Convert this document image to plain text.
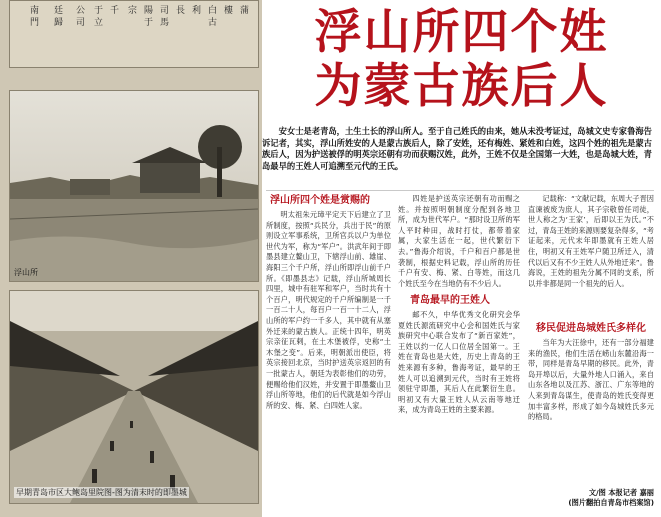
南門
廷歸
公司
于立
千 宗 陽于
司馬
長 利 白古
樓 蒲
浮山所
早期青岛市区大鲍岛里院图-图为清末时的即墨城
浮山所四个姓
为蒙古族后人
安女士是老青岛，土生土长的浮山所人。至于自己姓氏的由来，她从未没考证过，岛城文史专家鲁海告诉记者，其实，浮山所姓安的人是蒙古族后人，除了安姓，还有梅姓、紧姓和白姓，这四个姓的祖先是蒙古族后人，因为护送被俘的明英宗还朝有功而获赐汉姓，此外，王姓不仅是全国第一大姓，也是岛城大姓，青岛最早的王姓人可追溯至元代的王氏。
浮山所四个姓是赏赐的

明太祖朱元璋平定天下后建立了卫所制度，按照“兵民分，兵出于民”的原则设立军事系统，卫所官兵以户为单位世代为军，称为“军户”。洪武年间于即墨县建立鳌山卫，下辖浮山前、雄崖、海阳三个千户所，浮山所即浮山前千户所。《即墨县志》记载，浮山所城周长四里，城中有驻军和军户，当时共有十个百户，明代规定的千户所编制是一千一百二十人，每百户一百一十二人，浮山所的军户约一千多人，其中就有从塞外迁来的蒙古族人。正统十四年，明英宗亲征瓦剌，在土木堡被俘，史称“土木堡之变”。后来，明朝派出使臣，将英宗接回北京，当时护送英宗返回的有一批蒙古人，朝廷为表彰他们的功劳，便赐给他们汉姓，并安置于即墨鳌山卫浮山所等地，他们的后代就是如今浮山所的安、梅、紧、白四姓人家。

四姓是护送英宗还朝有功而赐之姓。并按照明朝制度分配到各地卫所，成为世代军户。“那时设卫所的军人平时种田，战时打仗，都带着家属，大家生活在一起，世代繁衍下去。”鲁海介绍说，千户和百户都是世袭制，根据史料记载，浮山所的历任千户有安、梅、紧、白等姓，而这几个姓氏至今在当地仍有不少后人。

青岛最早的王姓人

邮不久，中华优秀文化研究会华夏姓氏源流研究中心会和国姓氏与家族研究中心联合发布了“新百家姓”，王姓以约一亿人口位居全国第一。王姓在青岛也是大姓，历史上青岛的王姓来源有多种，鲁海考证，最早的王姓人可以追溯到元代，当时有王姓将领驻守即墨，其后人在此繁衍生息。明初又有大量王姓人从云南等地迁来，成为青岛王姓的主要来源。

记载称：“文献记载，东周大子晋因直谏被废为庶人，其子宗敬曾任司徒，世人称之为‘王家’，后即以王为氏。”不过，青岛王姓的来源则要复杂得多，“考证起来，元代末年即墨就有王姓人居住，明初又有王姓军户随卫所迁入，清代以后又有不少王姓人从外地迁来”。鲁海说，王姓的祖先分属不同的支系，所以并非都是同一个祖先的后人。

移民促进岛城姓氏多样化

当年为大汪徐中，还有一部分福建来的渔民，他们生活在崂山东麓沿海一带，同样是青岛早期的移民。此外，青岛开埠以后，大量外地人口涌入，来自山东各地以及江苏、浙江、广东等地的人来到青岛谋生，使青岛的姓氏变得更加丰富多样，形成了如今岛城姓氏多元的格局。

文/图 本报记者 嘉丽
(图片翻拍自青岛市档案馆)
